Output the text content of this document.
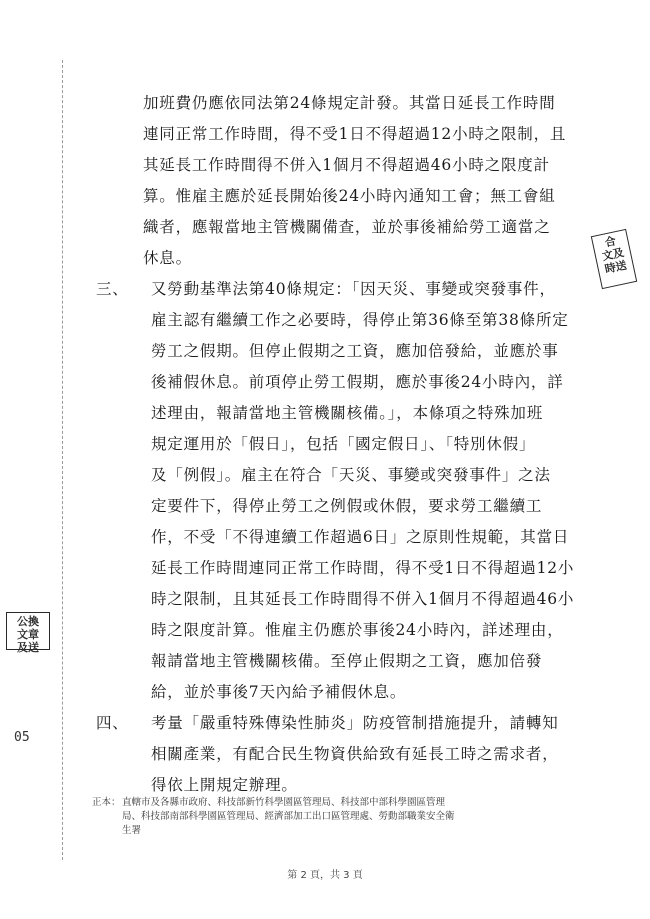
合
文及
時送
公換
文章
及送
05
加班費仍應依同法第24條規定計發。其當日延長工作時間
連同正常工作時間，得不受1日不得超過12小時之限制，且
其延長工作時間得不併入1個月不得超過46小時之限度計
算。惟雇主應於延長開始後24小時內通知工會；無工會組
織者，應報當地主管機關備查，並於事後補給勞工適當之
休息。
三、 又勞動基準法第40條規定：「因天災、事變或突發事件，
雇主認有繼續工作之必要時，得停止第36條至第38條所定
勞工之假期。但停止假期之工資，應加倍發給，並應於事
後補假休息。前項停止勞工假期，應於事後24小時內，詳
述理由，報請當地主管機關核備。」，本條項之特殊加班
規定運用於「假日」，包括「國定假日」、「特別休假」
及「例假」。雇主在符合「天災、事變或突發事件」之法
定要件下，得停止勞工之例假或休假，要求勞工繼續工
作，不受「不得連續工作超過6日」之原則性規範，其當日
延長工作時間連同正常工作時間，得不受1日不得超過12小
時之限制，且其延長工作時間得不併入1個月不得超過46小
時之限度計算。惟雇主仍應於事後24小時內，詳述理由，
報請當地主管機關核備。至停止假期之工資，應加倍發
給，並於事後7天內給予補假休息。
四、 考量「嚴重特殊傳染性肺炎」防疫管制措施提升，請轉知
相關產業，有配合民生物資供給致有延長工時之需求者，
得依上開規定辦理。
正本：直轄市及各縣市政府、科技部新竹科學園區管理局、科技部中部科學園區管理
局、科技部南部科學園區管理局、經濟部加工出口區管理處、勞動部職業安全衛
生署
第 2 頁，共 3 頁
